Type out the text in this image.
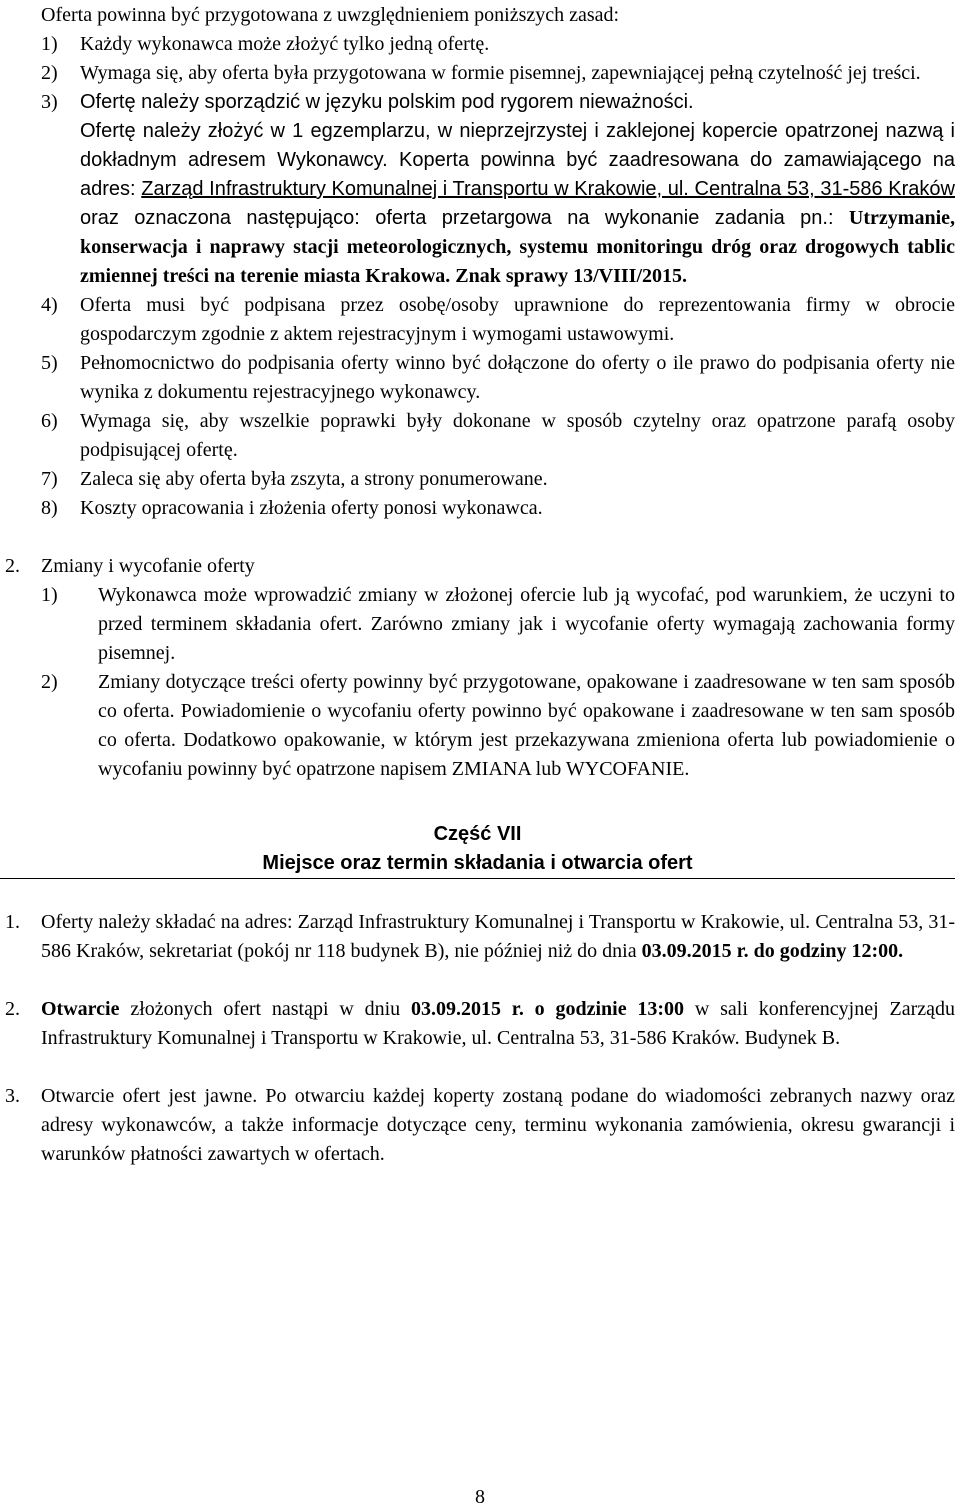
Oferta powinna być przygotowana z uwzględnieniem poniższych zasad:

1)	Każdy wykonawca może złożyć tylko jedną ofertę.
2)	Wymaga się, aby oferta była przygotowana w formie pisemnej, zapewniającej pełną czytelność jej treści.
3)	Ofertę należy sporządzić w języku polskim pod rygorem nieważności.
Ofertę należy złożyć w 1 egzemplarzu, w nieprzejrzystej i zaklejonej kopercie opatrzonej nazwą i dokładnym adresem Wykonawcy. Koperta powinna być zaadresowana do zamawiającego na adres: Zarząd Infrastruktury Komunalnej i Transportu w Krakowie, ul. Centralna 53, 31-586 Kraków oraz oznaczona następująco: oferta przetargowa na wykonanie zadania pn.: Utrzymanie, konserwacja i naprawy stacji meteorologicznych, systemu monitoringu dróg oraz drogowych tablic zmiennej treści na terenie miasta Krakowa. Znak sprawy 13/VIII/2015.
4)	Oferta musi być podpisana przez osobę/osoby uprawnione do reprezentowania firmy w obrocie gospodarczym zgodnie z aktem rejestracyjnym i wymogami ustawowymi.
5)	Pełnomocnictwo do podpisania oferty winno być dołączone do oferty o ile prawo do podpisania oferty nie wynika z dokumentu rejestracyjnego wykonawcy.
6)	Wymaga się, aby wszelkie poprawki były dokonane w sposób czytelny oraz opatrzone parafą osoby podpisującej ofertę.
7)	Zaleca się aby oferta była zszyta, a strony ponumerowane.
8)	Koszty opracowania i złożenia oferty ponosi wykonawca.
2.	Zmiany i wycofanie oferty
1)	Wykonawca może wprowadzić zmiany w złożonej ofercie lub ją wycofać, pod warunkiem, że uczyni to przed terminem składania ofert. Zarówno zmiany jak i wycofanie oferty wymagają zachowania formy pisemnej.
2)	Zmiany dotyczące treści oferty powinny być przygotowane, opakowane i zaadresowane w ten sam sposób co oferta. Powiadomienie o wycofaniu oferty powinno być opakowane i zaadresowane w ten sam sposób co oferta. Dodatkowo opakowanie, w którym jest przekazywana zmieniona oferta lub powiadomienie o wycofaniu powinny być opatrzone napisem ZMIANA lub WYCOFANIE.
Część VII
Miejsce oraz termin składania i otwarcia ofert
1.	Oferty należy składać na adres: Zarząd Infrastruktury Komunalnej i Transportu w Krakowie, ul. Centralna 53, 31-586 Kraków, sekretariat (pokój nr 118 budynek B), nie później niż do dnia 03.09.2015 r. do godziny 12:00.
2.	Otwarcie złożonych ofert nastąpi w dniu 03.09.2015 r. o godzinie 13:00 w sali konferencyjnej Zarządu Infrastruktury Komunalnej i Transportu w Krakowie, ul. Centralna 53, 31-586 Kraków. Budynek B.
3.	Otwarcie ofert jest jawne. Po otwarciu każdej koperty zostaną podane do wiadomości zebranych nazwy oraz adresy wykonawców, a także informacje dotyczące ceny, terminu wykonania zamówienia, okresu gwarancji i warunków płatności zawartych w ofertach.
8
